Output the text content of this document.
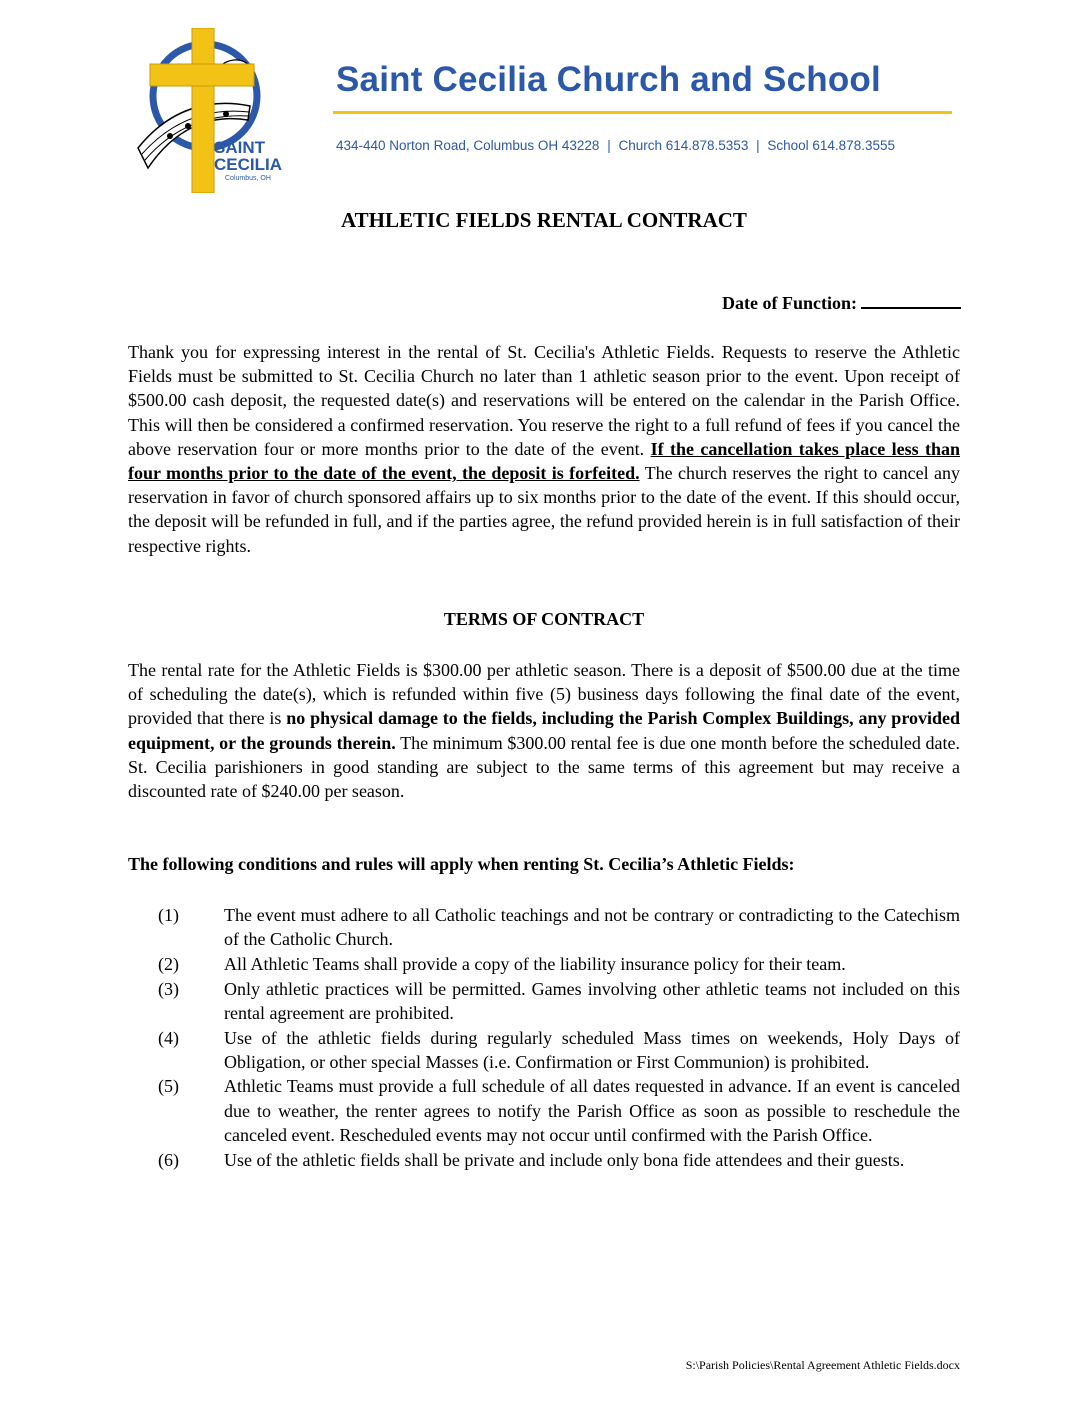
SAINT
CECILIA
Columbus, OH
Saint Cecilia Church and School
434-440 Norton Road, Columbus OH 43228 | Church 614.878.5353 | School 614.878.3555
ATHLETIC FIELDS RENTAL CONTRACT
Date of Function:

Thank you for expressing interest in the rental of St. Cecilia's Athletic Fields. Requests to reserve the Athletic Fields must be submitted to St. Cecilia Church no later than 1 athletic season prior to the event. Upon receipt of $500.00 cash deposit, the requested date(s) and reservations will be entered on the calendar in the Parish Office. This will then be considered a confirmed reservation. You reserve the right to a full refund of fees if you cancel the above reservation four or more months prior to the date of the event. If the cancellation takes place less than four months prior to the date of the event, the deposit is forfeited. The church reserves the right to cancel any reservation in favor of church sponsored affairs up to six months prior to the date of the event. If this should occur, the deposit will be refunded in full, and if the parties agree, the refund provided herein is in full satisfaction of their respective rights.

TERMS OF CONTRACT

The rental rate for the Athletic Fields is $300.00 per athletic season. There is a deposit of $500.00 due at the time of scheduling the date(s), which is refunded within five (5) business days following the final date of the event, provided that there is no physical damage to the fields, including the Parish Complex Buildings, any provided equipment, or the grounds therein. The minimum $300.00 rental fee is due one month before the scheduled date. St. Cecilia parishioners in good standing are subject to the same terms of this agreement but may receive a discounted rate of $240.00 per season.

The following conditions and rules will apply when renting St. Cecilia’s Athletic Fields:
(1)	The event must adhere to all Catholic teachings and not be contrary or contradicting to the Catechism of the Catholic Church.
(2)	All Athletic Teams shall provide a copy of the liability insurance policy for their team.
(3)	Only athletic practices will be permitted. Games involving other athletic teams not included on this rental agreement are prohibited.
(4)	Use of the athletic fields during regularly scheduled Mass times on weekends, Holy Days of Obligation, or other special Masses (i.e. Confirmation or First Communion) is prohibited.
(5)	Athletic Teams must provide a full schedule of all dates requested in advance. If an event is canceled due to weather, the renter agrees to notify the Parish Office as soon as possible to reschedule the canceled event. Rescheduled events may not occur until confirmed with the Parish Office.
(6)	Use of the athletic fields shall be private and include only bona fide attendees and their guests.
S:\Parish Policies\Rental Agreement Athletic Fields.docx
